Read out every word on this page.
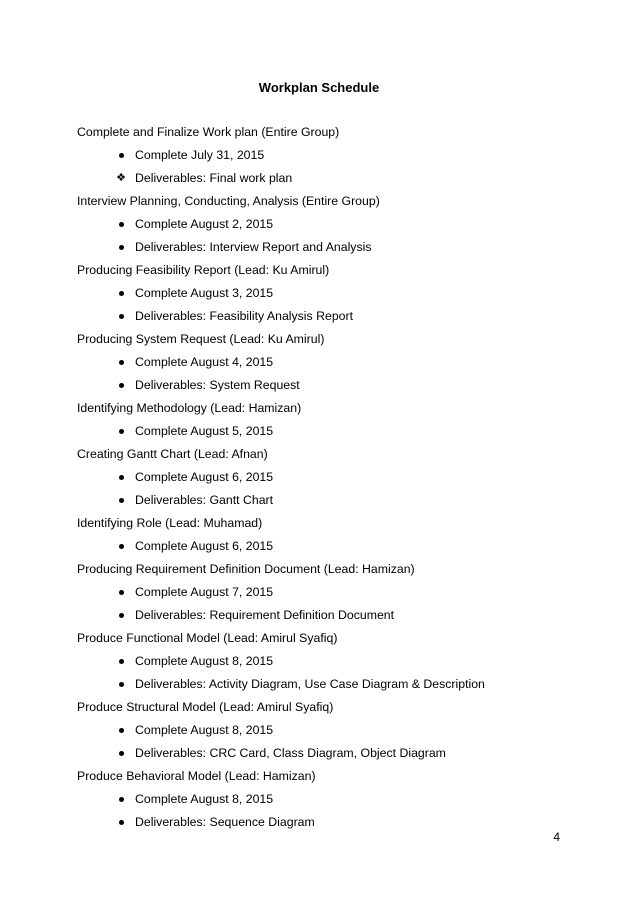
Workplan Schedule
Complete and Finalize Work plan (Entire Group)
Complete July 31, 2015
❖ Deliverables: Final work plan
Interview Planning, Conducting, Analysis (Entire Group)
Complete August 2, 2015
Deliverables: Interview Report and Analysis
Producing Feasibility Report (Lead: Ku Amirul)
Complete August 3, 2015
Deliverables: Feasibility Analysis Report
Producing System Request (Lead: Ku Amirul)
Complete August 4, 2015
Deliverables: System Request
Identifying Methodology (Lead: Hamizan)
Complete August 5, 2015
Creating Gantt Chart (Lead: Afnan)
Complete August 6, 2015
Deliverables: Gantt Chart
Identifying Role (Lead: Muhamad)
Complete August 6, 2015
Producing Requirement Definition Document (Lead: Hamizan)
Complete August 7, 2015
Deliverables: Requirement Definition Document
Produce Functional Model (Lead: Amirul Syafiq)
Complete August 8, 2015
Deliverables: Activity Diagram, Use Case Diagram & Description
Produce Structural Model (Lead: Amirul Syafiq)
Complete August 8, 2015
Deliverables: CRC Card, Class Diagram, Object Diagram
Produce Behavioral Model (Lead: Hamizan)
Complete August 8, 2015
Deliverables: Sequence Diagram
4
